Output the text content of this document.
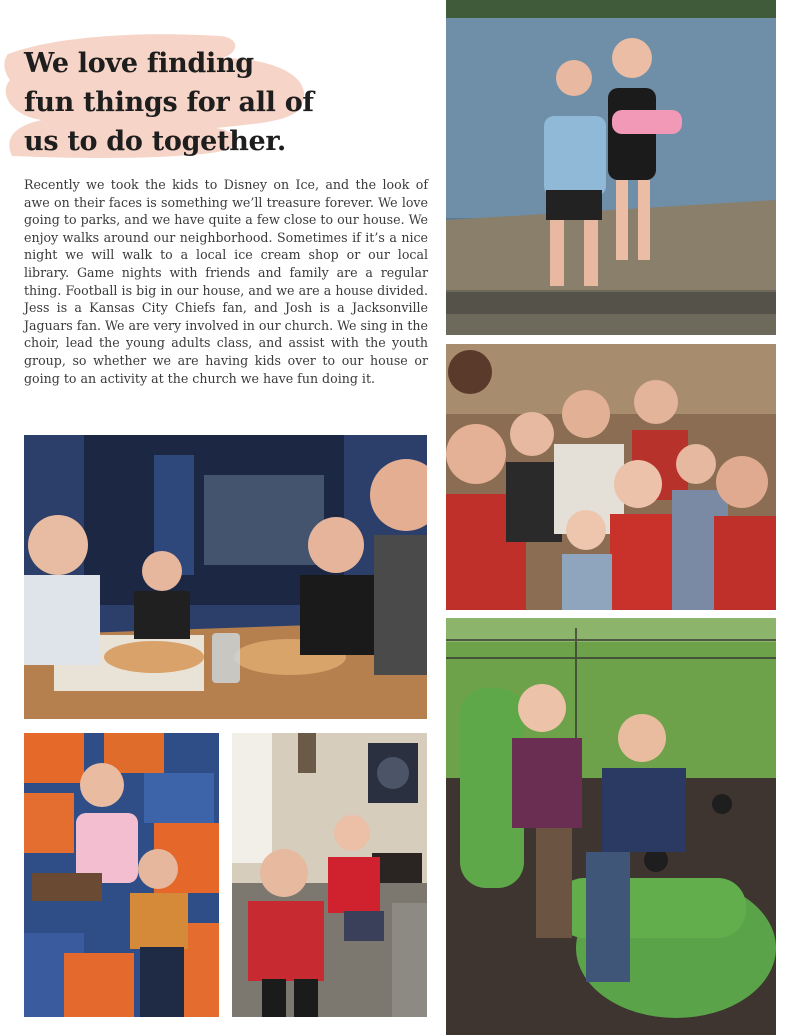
We love finding
fun things for all of
us to do together.

Recently we took the kids to Disney on Ice, and the look of awe on their faces is something we’ll treasure forever. We love going to parks, and we have quite a few close to our house. We enjoy walks around our neighborhood. Sometimes if it’s a nice night we will walk to a local ice cream shop or our local library. Game nights with friends and family are a regular thing. Football is big in our house, and we are a house divided. Jess is a Kansas City Chiefs fan, and Josh is a Jacksonville Jaguars fan. We are very involved in our church. We sing in the choir, lead the young adults class, and assist with the youth group, so whether we are having kids over to our house or going to an activity at the church we have fun doing it.
